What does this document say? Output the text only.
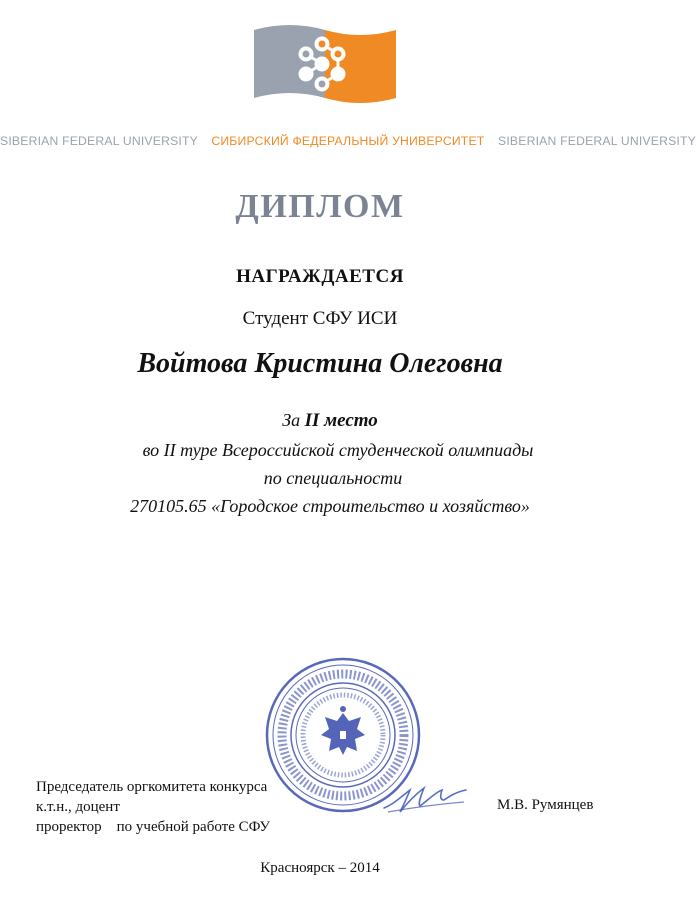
SIBERIAN FEDERAL UNIVERSITY СИБИРСКИЙ ФЕДЕРАЛЬНЫЙ УНИВЕРСИТЕТ SIBERIAN FEDERAL UNIVERSITY
ДИПЛОМ
НАГРАЖДАЕТСЯ
Студент СФУ ИСИ
Войтова Кристина Олеговна
За II место
во II туре Всероссийской студенческой олимпиады
по специальности
270105.65 «Городское строительство и хозяйство»
Председатель оргкомитета конкурса
к.т.н., доцент
проректор    по учебной работе СФУ
М.В. Румянцев
Красноярск – 2014
